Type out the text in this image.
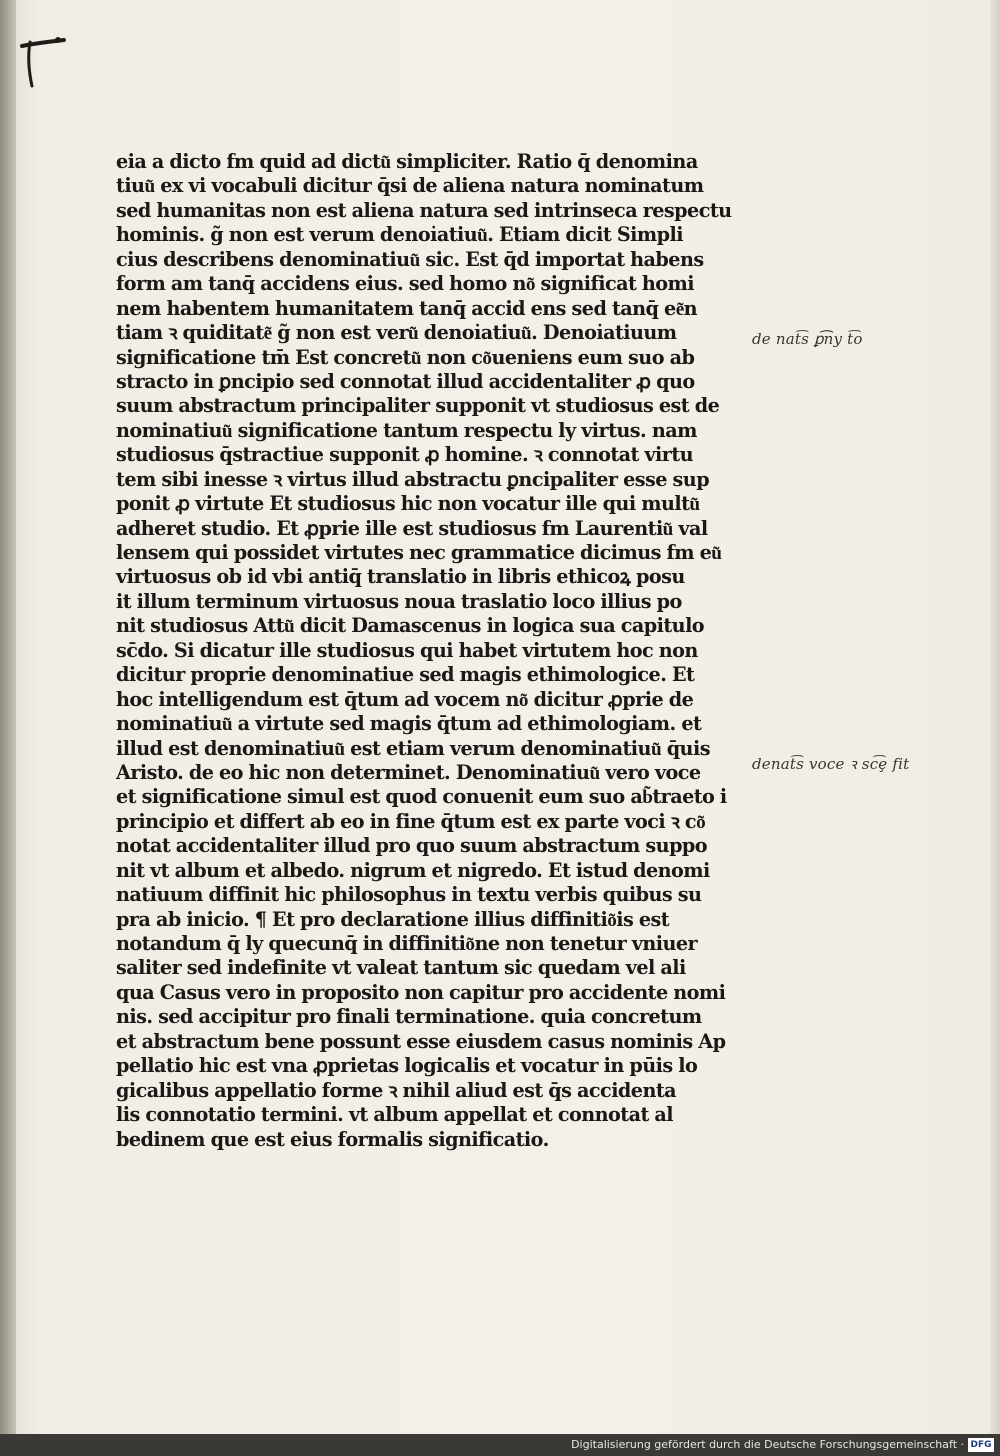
eia a dicto fm quid ad dictu͂ simpliciter. Ratio q̄ denomina
tiuu͂ ex vi vocabuli dicitur q̄si de aliena natura nominatum
sed humanitas non est aliena natura sed intrinseca respectu
hominis. g̃ non est verum denoi̇atiuu͂. Etiam dicit Simpli
cius describens denominatiuu͂ sic. Est q̄d importat habens
form am tanq̄ accidens eius. sed homo no͂ significat homi
nem habentem humanitatem tanq̄ accid ens sed tanq̄ ee͂n
tiam ꝛ quiditate͂ g̃ non est veru͂ denoi̇atiuu͂. Denoi̇atiuum
significatione tm̄ Est concretu͂ non co͂ueniens eum suo ab
stracto in ꝑncipio sed connotat illud accidentaliter ꝓ quo
suum abstractum principaliter supponit vt studiosus est de
nominatiuu͂ significatione tantum respectu ly virtus. nam
studiosus q̄stractiue supponit ꝓ homine. ꝛ connotat virtu
tem sibi inesse ꝛ virtus illud abstractu ꝑncipaliter esse sup
ponit ꝓ virtute Et studiosus hic non vocatur ille qui multu͂
adheret studio. Et ꝓprie ille est studiosus fm Laurentiu͂ val
lensem qui possidet virtutes nec grammatice dicimus fm eu͂
virtuosus ob id vbi antiq̄ translatio in libris ethicoꝝ posu
it illum terminum virtuosus noua traslatio loco illius po
nit studiosus Attu͂ dicit Damascenus in logica sua capitulo
sc̄do. Si dicatur ille studiosus qui habet virtutem hoc non
dicitur proprie denominatiue sed magis ethimologice. Et
hoc intelligendum est q̄tum ad vocem no͂ dicitur ꝓprie de
nominatiuu͂ a virtute sed magis q̄tum ad ethimologiam. et
illud est denominatiuu͂ est etiam verum denominatiuu͂ q̄uis
Aristo. de eo hic non determinet. Denominatiuu͂ vero voce
et significatione simul est quod conuenit eum suo ab͂traeto i
principio et differt ab eo in fine q̄tum est ex parte voci ꝛ co͂
notat accidentaliter illud pro quo suum abstractum suppo
nit vt album et albedo. nigrum et nigredo. Et istud denomi
natiuum diffinit hic philosophus in textu verbis quibus su
pra ab inicio. ¶ Et pro declaratione illius diffinitio͂is est
notandum q̄ ly quecunq̄ in diffinitio͂ne non tenetur vniuer
saliter sed indefinite vt valeat tantum sic quedam vel ali
qua Casus vero in proposito non capitur pro accidente nomi
nis. sed accipitur pro finali terminatione. quia concretum
et abstractum bene possunt esse eiusdem casus nominis Ap
pellatio hic est vna ꝓprietas logicalis et vocatur in pūis lo
gicalibus appellatio forme ꝛ nihil aliud est q̄s accidenta
lis connotatio termini. vt album appellat et connotat al
bedinem que est eius formalis significatio.
de nat͡s ꝑ͡ny t͡o
denat͡s voce ꝛ sc͡ȩ fit
Digitalisierung gefördert durch die Deutsche Forschungsgemeinschaft · DFG
